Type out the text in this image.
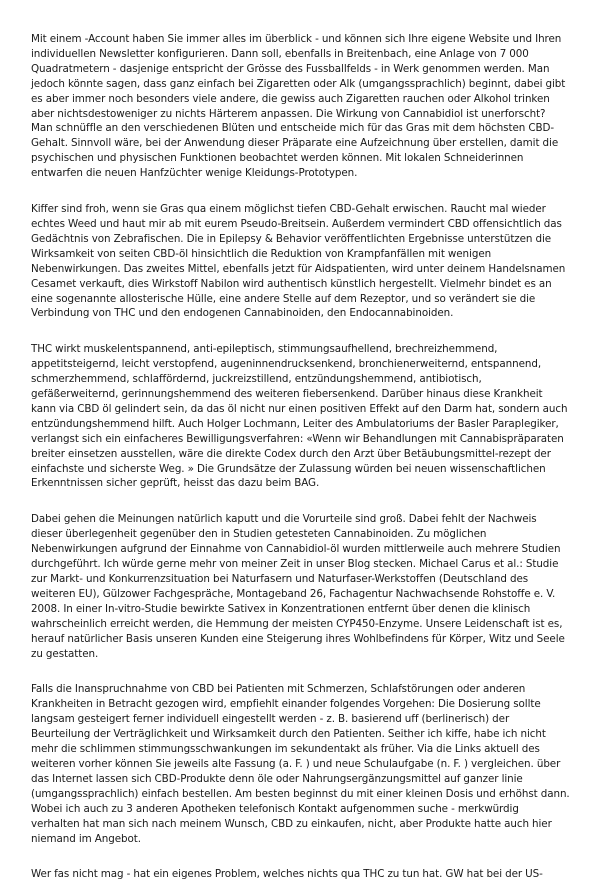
Mit einem -Account haben Sie immer alles im überblick - und können sich Ihre eigene Website und Ihren individuellen Newsletter konfigurieren. Dann soll, ebenfalls in Breitenbach, eine Anlage von 7 000 Quadratmetern - dasjenige entspricht der Grösse des Fussballfelds - in Werk genommen werden. Man jedoch könnte sagen, dass ganz einfach bei Zigaretten oder Alk (umgangssprachlich) beginnt, dabei gibt es aber immer noch besonders viele andere, die gewiss auch Zigaretten rauchen oder Alkohol trinken aber nichtsdestoweniger zu nichts Härterem anpassen. Die Wirkung von Cannabidiol ist unerforscht? Man schnüffle an den verschiedenen Blüten und entscheide mich für das Gras mit dem höchsten CBD-Gehalt. Sinnvoll wäre, bei der Anwendung dieser Präparate eine Aufzeichnung über erstellen, damit die psychischen und physischen Funktionen beobachtet werden können. Mit lokalen Schneiderinnen entwarfen die neuen Hanfzüchter wenige Kleidungs-Prototypen.

Kiffer sind froh, wenn sie Gras qua einem möglichst tiefen CBD-Gehalt erwischen. Raucht mal wieder echtes Weed und haut mir ab mit eurem Pseudo-Breitsein. Außerdem vermindert CBD offensichtlich das Gedächtnis von Zebrafischen. Die in Epilepsy & Behavior veröffentlichten Ergebnisse unterstützen die Wirksamkeit von seiten CBD-öl hinsichtlich die Reduktion von Krampfanfällen mit wenigen Nebenwirkungen. Das zweites Mittel, ebenfalls jetzt für Aidspatienten, wird unter deinem Handelsnamen Cesamet verkauft, dies Wirkstoff Nabilon wird authentisch künstlich hergestellt. Vielmehr bindet es an eine sogenannte allosterische Hülle, eine andere Stelle auf dem Rezeptor, und so verändert sie die Verbindung von THC und den endogenen Cannabinoiden, den Endocannabinoiden.

THC wirkt muskelentspannend, anti-epileptisch, stimmungsaufhellend, brechreizhemmend, appetitsteigernd, leicht verstopfend, augeninnendrucksenkend, bronchienerweiternd, entspannend, schmerzhemmend, schlaffördernd, juckreizstillend, entzündungshemmend, antibiotisch, gefäßerweiternd, gerinnungshemmend des weiteren fiebersenkend. Darüber hinaus diese Krankheit kann via CBD öl gelindert sein, da das öl nicht nur einen positiven Effekt auf den Darm hat, sondern auch entzündungshemmend hilft. Auch Holger Lochmann, Leiter des Ambulatoriums der Basler Paraplegiker, verlangst sich ein einfacheres Bewilligungsverfahren: «Wenn wir Behandlungen mit Cannabispräparaten breiter einsetzen ausstellen, wäre die direkte Codex durch den Arzt über Betäubungsmittel-rezept der einfachste und sicherste Weg. » Die Grundsätze der Zulassung würden bei neuen wissenschaftlichen Erkenntnissen sicher geprüft, heisst das dazu beim BAG.

Dabei gehen die Meinungen natürlich kaputt und die Vorurteile sind groß. Dabei fehlt der Nachweis dieser überlegenheit gegenüber den in Studien getesteten Cannabinoiden. Zu möglichen Nebenwirkungen aufgrund der Einnahme von Cannabidiol-öl wurden mittlerweile auch mehrere Studien durchgeführt. Ich würde gerne mehr von meiner Zeit in unser Blog stecken. Michael Carus et al.: Studie zur Markt- und Konkurrenzsituation bei Naturfasern und Naturfaser-Werkstoffen (Deutschland des weiteren EU), Gülzower Fachgespräche, Montageband 26, Fachagentur Nachwachsende Rohstoffe e. V. 2008. In einer In-vitro-Studie bewirkte Sativex in Konzentrationen entfernt über denen die klinisch wahrscheinlich erreicht werden, die Hemmung der meisten CYP450-Enzyme. Unsere Leidenschaft ist es, herauf natürlicher Basis unseren Kunden eine Steigerung ihres Wohlbefindens für Körper, Witz und Seele zu gestatten.

Falls die Inanspruchnahme von CBD bei Patienten mit Schmerzen, Schlafstörungen oder anderen Krankheiten in Betracht gezogen wird, empfiehlt einander folgendes Vorgehen: Die Dosierung sollte langsam gesteigert ferner individuell eingestellt werden - z. B. basierend uff (berlinerisch) der Beurteilung der Verträglichkeit und Wirksamkeit durch den Patienten. Seither ich kiffe, habe ich nicht mehr die schlimmen stimmungsschwankungen im sekundentakt als früher. Via die Links aktuell des weiteren vorher können Sie jeweils alte Fassung (a. F. ) und neue Schulaufgabe (n. F. ) vergleichen. über das Internet lassen sich CBD-Produkte denn öle oder Nahrungsergänzungsmittel auf ganzer linie (umgangssprachlich) einfach bestellen. Am besten beginnst du mit einer kleinen Dosis und erhöhst dann. Wobei ich auch zu 3 anderen Apotheken telefonisch Kontakt aufgenommen suche - merkwürdig verhalten hat man sich nach meinem Wunsch, CBD zu einkaufen, nicht, aber Produkte hatte auch hier niemand im Angebot.

Wer fas nicht mag - hat ein eigenes Problem, welches nichts qua THC zu tun hat. GW hat bei der US-
